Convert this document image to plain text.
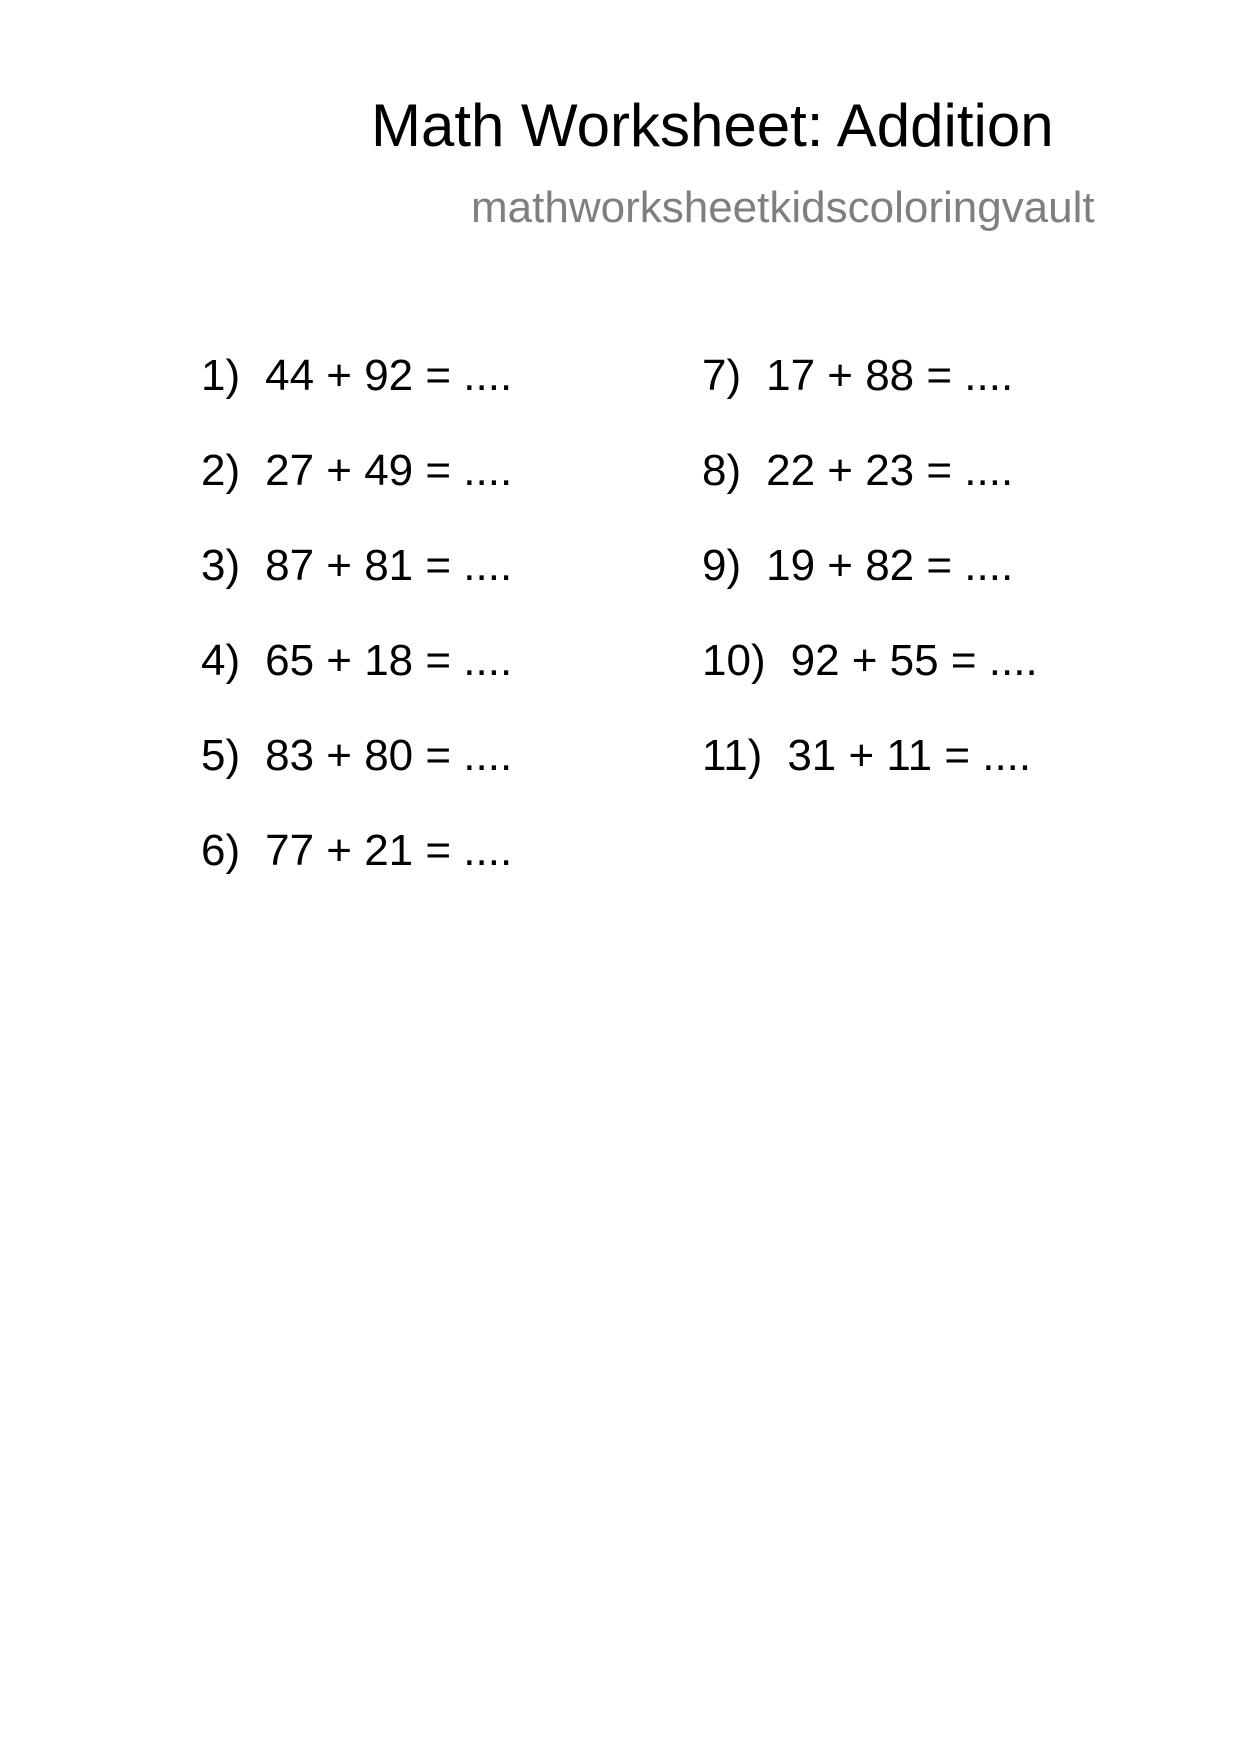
Math Worksheet: Addition
mathworksheetkidscoloringvault
1) 44 + 92 = ....
2) 27 + 49 = ....
3) 87 + 81 = ....
4) 65 + 18 = ....
5) 83 + 80 = ....
6) 77 + 21 = ....
7) 17 + 88 = ....
8) 22 + 23 = ....
9) 19 + 82 = ....
10) 92 + 55 = ....
11) 31 + 11 = ....
